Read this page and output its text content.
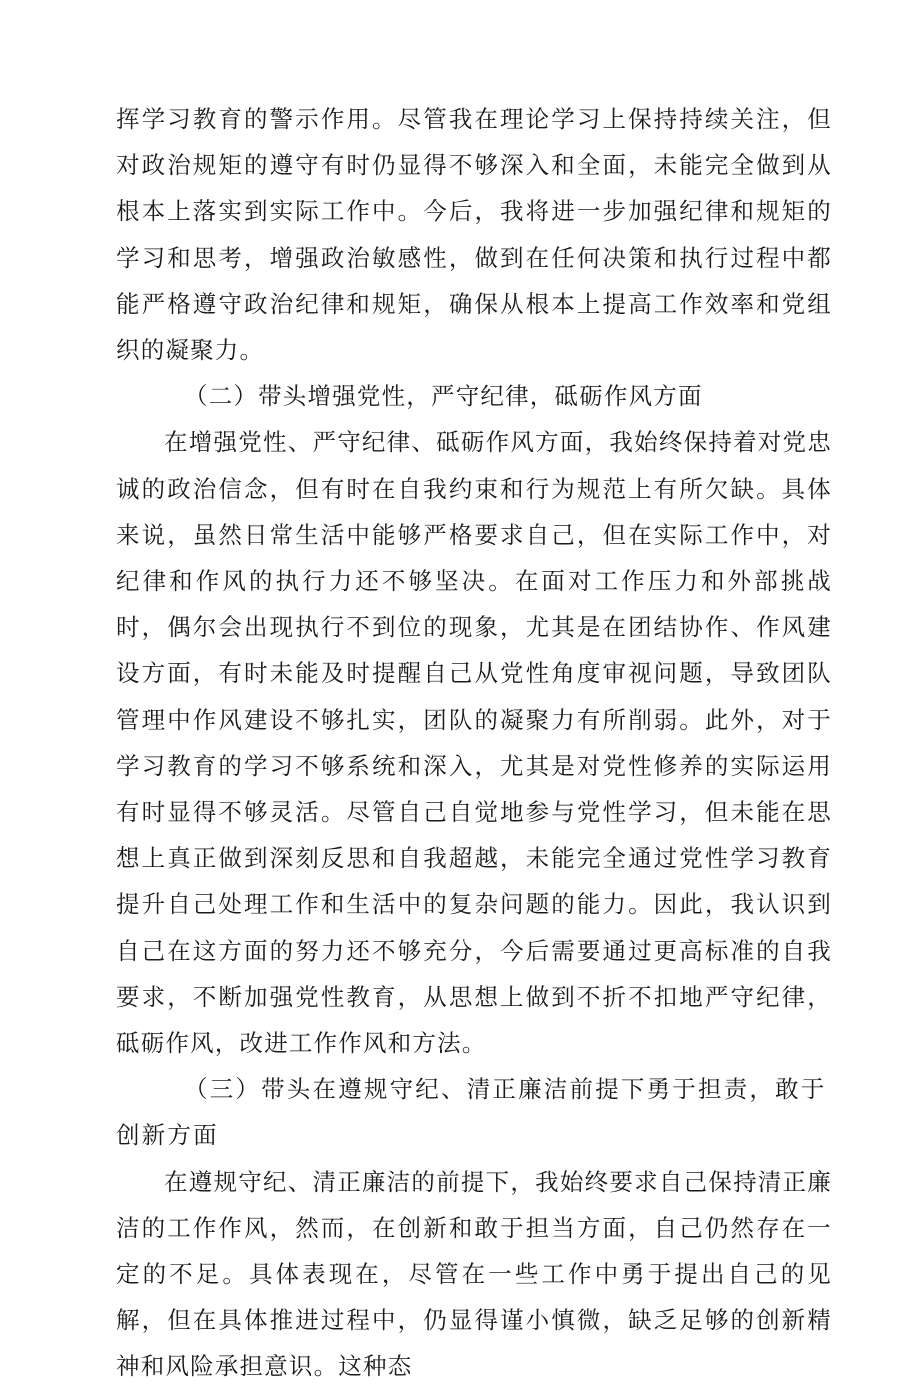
挥学习教育的警示作用。尽管我在理论学习上保持持续关注，但对政治规矩的遵守有时仍显得不够深入和全面，未能完全做到从根本上落实到实际工作中。今后，我将进一步加强纪律和规矩的学习和思考，增强政治敏感性，做到在任何决策和执行过程中都能严格遵守政治纪律和规矩，确保从根本上提高工作效率和党组织的凝聚力。

（二）带头增强党性，严守纪律，砥砺作风方面

在增强党性、严守纪律、砥砺作风方面，我始终保持着对党忠诚的政治信念，但有时在自我约束和行为规范上有所欠缺。具体来说，虽然日常生活中能够严格要求自己，但在实际工作中，对纪律和作风的执行力还不够坚决。在面对工作压力和外部挑战时，偶尔会出现执行不到位的现象，尤其是在团结协作、作风建设方面，有时未能及时提醒自己从党性角度审视问题，导致团队管理中作风建设不够扎实，团队的凝聚力有所削弱。此外，对于学习教育的学习不够系统和深入，尤其是对党性修养的实际运用有时显得不够灵活。尽管自己自觉地参与党性学习，但未能在思想上真正做到深刻反思和自我超越，未能完全通过党性学习教育提升自己处理工作和生活中的复杂问题的能力。因此，我认识到自己在这方面的努力还不够充分，今后需要通过更高标准的自我要求，不断加强党性教育，从思想上做到不折不扣地严守纪律，砥砺作风，改进工作作风和方法。

（三）带头在遵规守纪、清正廉洁前提下勇于担责，敢于创新方面

在遵规守纪、清正廉洁的前提下，我始终要求自己保持清正廉洁的工作作风，然而，在创新和敢于担当方面，自己仍然存在一定的不足。具体表现在，尽管在一些工作中勇于提出自己的见解，但在具体推进过程中，仍显得谨小慎微，缺乏足够的创新精神和风险承担意识。这种态
